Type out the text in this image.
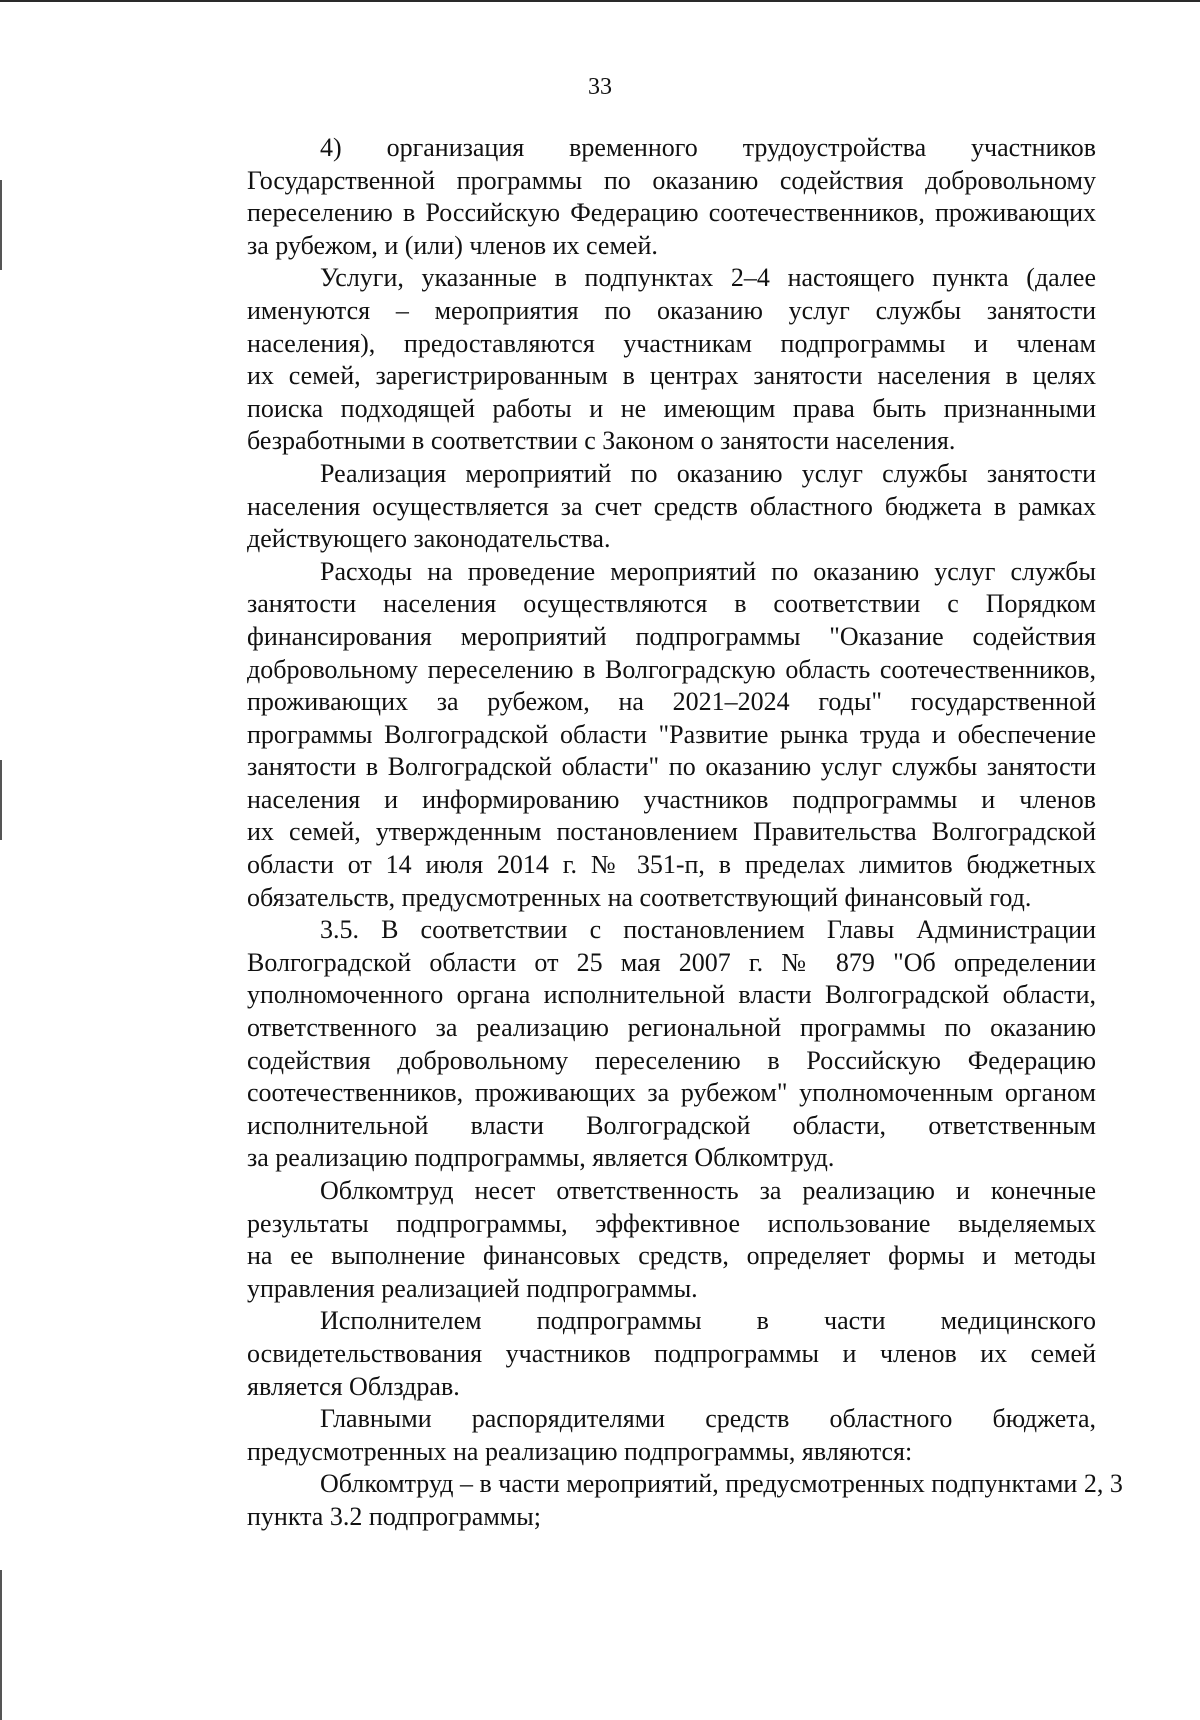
33
4) организация временного трудоустройства участников
Государственной программы по оказанию содействия добровольному
переселению в Российскую Федерацию соотечественников, проживающих
за рубежом, и (или) членов их семей.
Услуги, указанные в подпунктах 2–4 настоящего пункта (далее
именуются – мероприятия по оказанию услуг службы занятости
населения), предоставляются участникам подпрограммы и членам
их семей, зарегистрированным в центрах занятости населения в целях
поиска подходящей работы и не имеющим права быть признанными
безработными в соответствии с Законом о занятости населения.
Реализация мероприятий по оказанию услуг службы занятости
населения осуществляется за счет средств областного бюджета в рамках
действующего законодательства.
Расходы на проведение мероприятий по оказанию услуг службы
занятости населения осуществляются в соответствии с Порядком
финансирования мероприятий подпрограммы "Оказание содействия
добровольному переселению в Волгоградскую область соотечественников,
проживающих за рубежом, на 2021–2024 годы" государственной
программы Волгоградской области "Развитие рынка труда и обеспечение
занятости в Волгоградской области" по оказанию услуг службы занятости
населения и информированию участников подпрограммы и членов
их семей, утвержденным постановлением Правительства Волгоградской
области от 14 июля 2014 г. № 351-п, в пределах лимитов бюджетных
обязательств, предусмотренных на соответствующий финансовый год.
3.5. В соответствии с постановлением Главы Администрации
Волгоградской области от 25 мая 2007 г. № 879 "Об определении
уполномоченного органа исполнительной власти Волгоградской области,
ответственного за реализацию региональной программы по оказанию
содействия добровольному переселению в Российскую Федерацию
соотечественников, проживающих за рубежом" уполномоченным органом
исполнительной власти Волгоградской области, ответственным
за реализацию подпрограммы, является Облкомтруд.
Облкомтруд несет ответственность за реализацию и конечные
результаты подпрограммы, эффективное использование выделяемых
на ее выполнение финансовых средств, определяет формы и методы
управления реализацией подпрограммы.
Исполнителем подпрограммы в части медицинского
освидетельствования участников подпрограммы и членов их семей
является Облздрав.
Главными распорядителями средств областного бюджета,
предусмотренных на реализацию подпрограммы, являются:
Облкомтруд – в части мероприятий, предусмотренных подпунктами 2, 3
пункта 3.2 подпрограммы;
